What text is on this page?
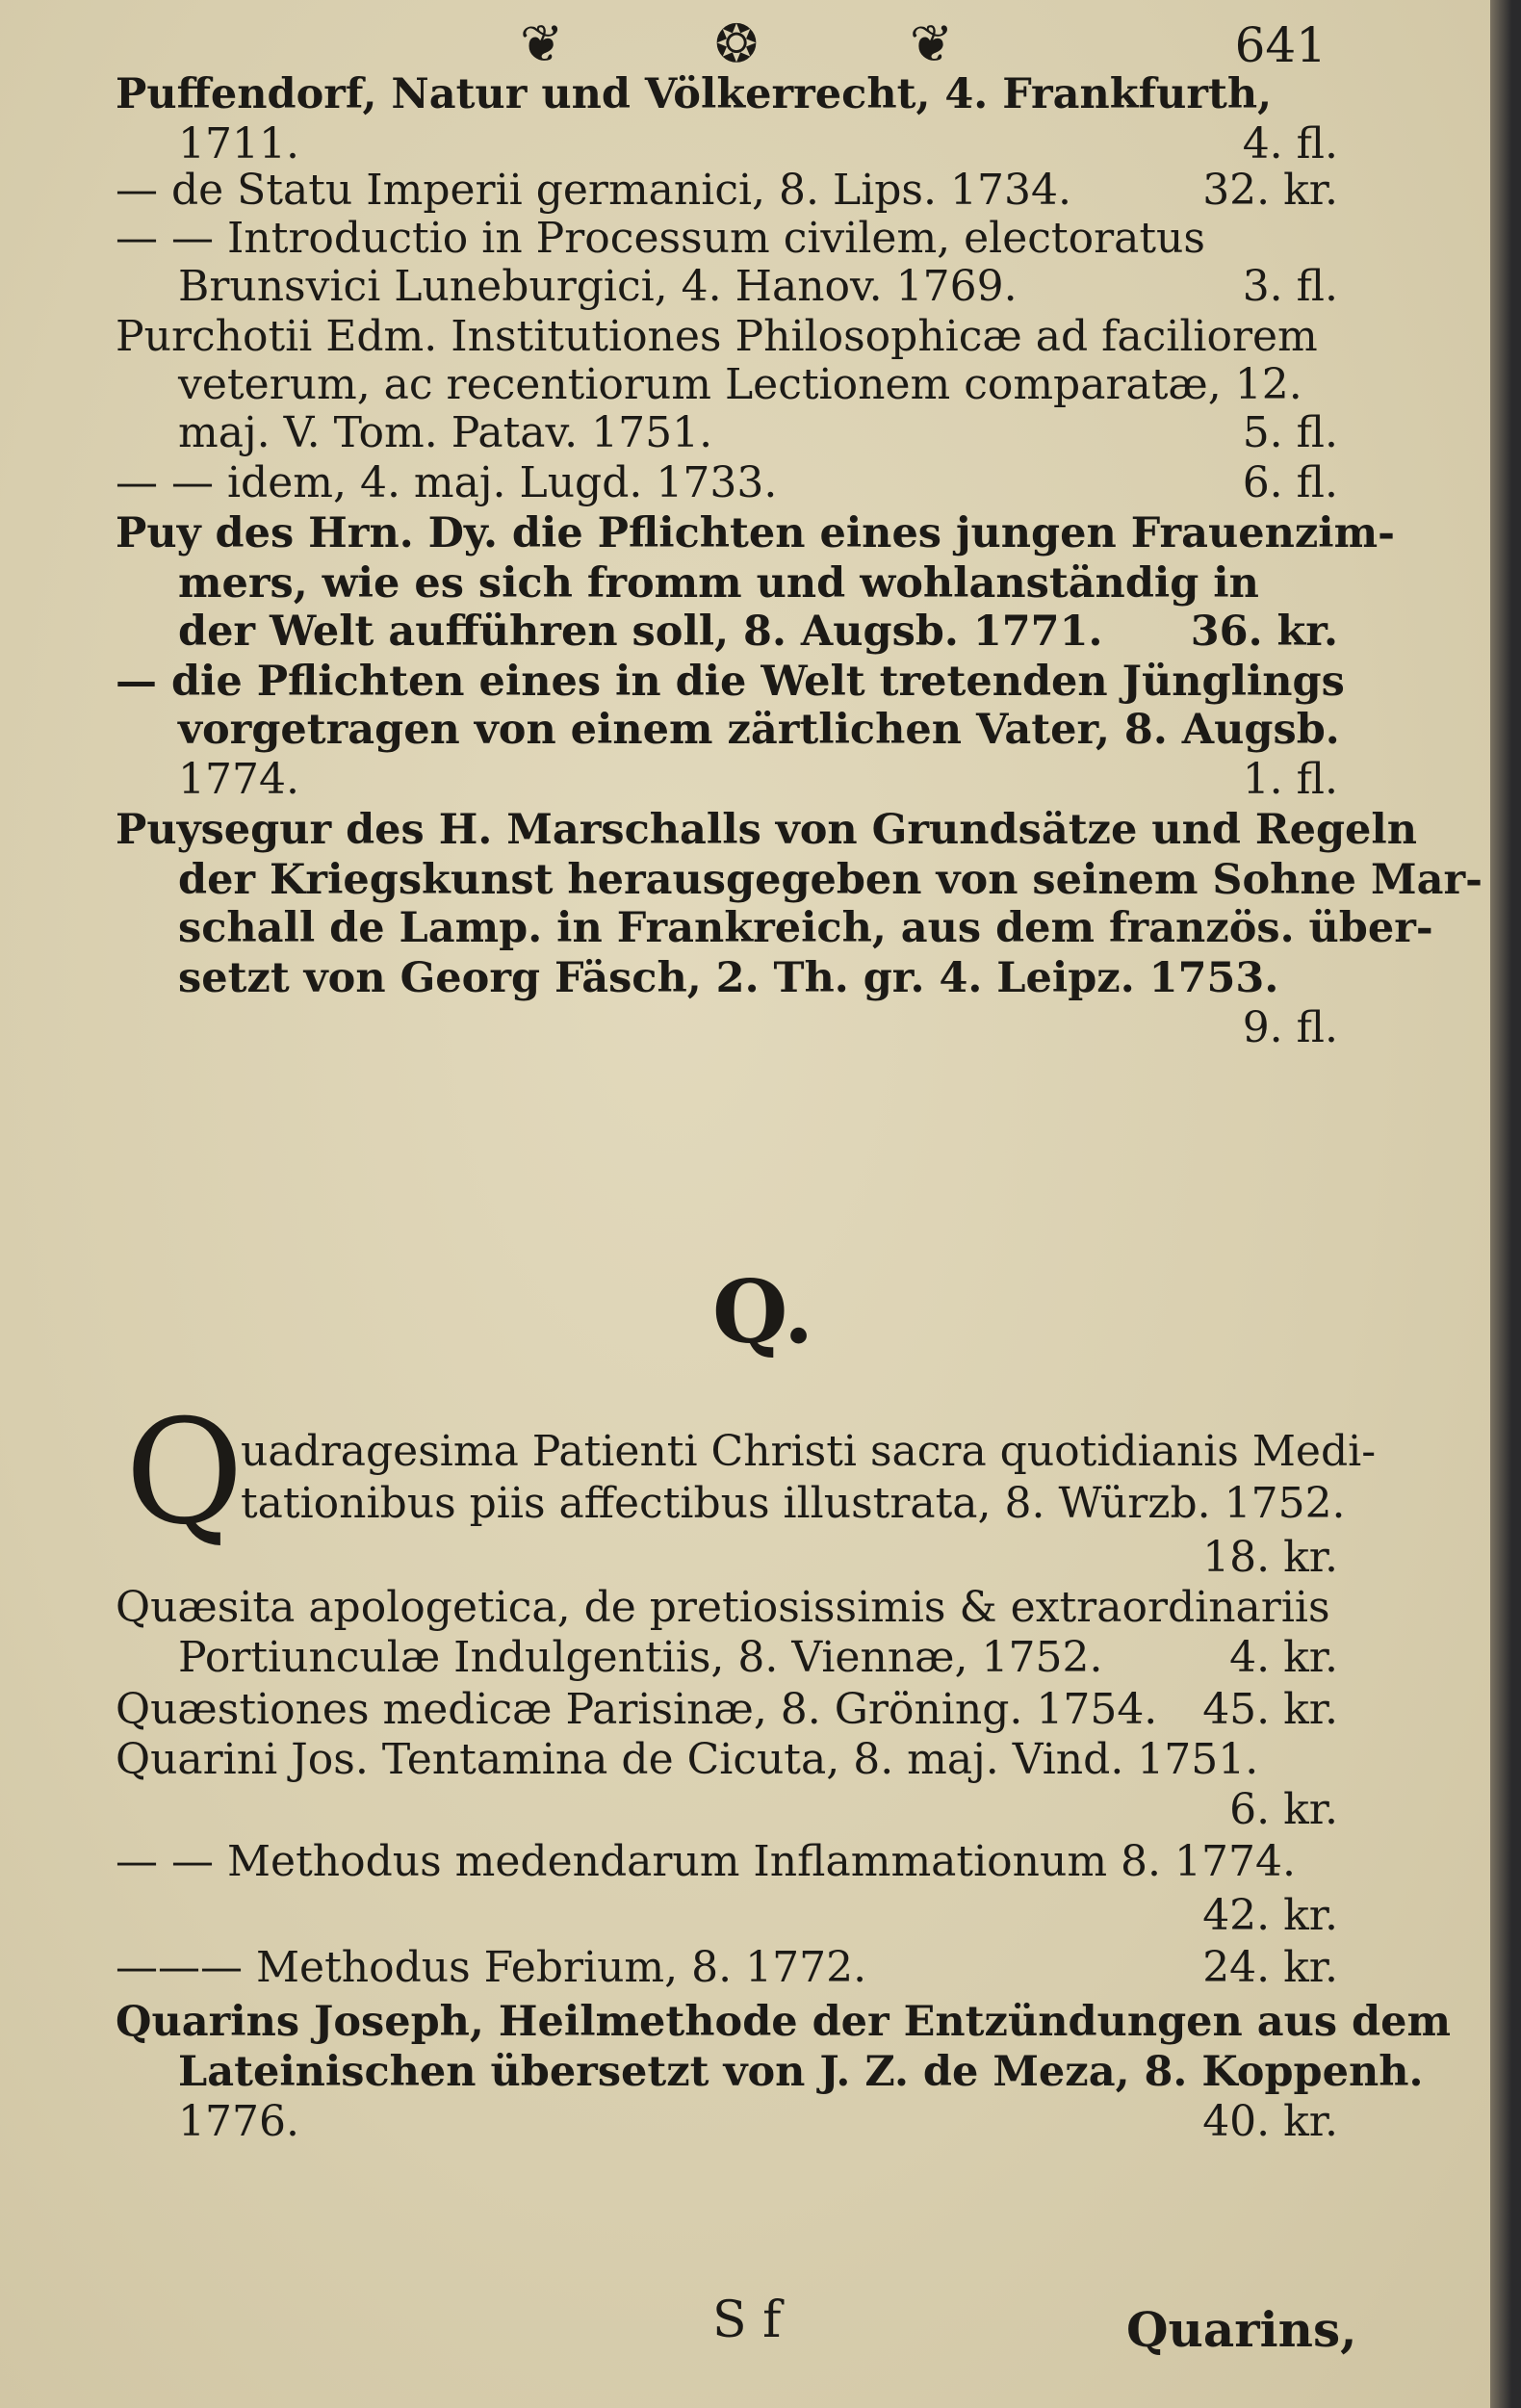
❦ ❂ ❦	641
Puffendorf, Natur und Völkerrecht, 4. Frankfurth,
1711.	4. fl.
— de Statu Imperii germanici, 8. Lips. 1734.	32. kr.
— — Introductio in Processum civilem, electoratus
Brunsvici Luneburgici, 4. Hanov. 1769.	3. fl.
Purchotii Edm. Institutiones Philosophicæ ad faciliorem
veterum, ac recentiorum Lectionem comparatæ, 12.
maj. V. Tom. Patav. 1751.	5. fl.
— — idem, 4. maj. Lugd. 1733.	6. fl.
Puy des Hrn. Dy. die Pflichten eines jungen Frauenzim-
mers, wie es sich fromm und wohlanständig in
der Welt aufführen soll, 8. Augsb. 1771. 36. kr.
— die Pflichten eines in die Welt tretenden Jünglings
vorgetragen von einem zärtlichen Vater, 8. Augsb.
1774.	1. fl.
Puysegur des H. Marschalls von Grundsätze und Regeln
der Kriegskunst herausgegeben von seinem Sohne Mar-
schall de Lamp. in Frankreich, aus dem französ. über-
setzt von Georg Fäsch, 2. Th. gr. 4. Leipz. 1753.
9. fl.
uadragesima Patienti Christi sacra quotidianis Medi-
tationibus piis affectibus illustrata, 8. Würzb. 1752.
18. kr.
Quæsita apologetica, de pretiosissimis & extraordinariis
Portiunculæ Indulgentiis, 8. Viennæ, 1752.	4. kr.
Quæstiones medicæ Parisinæ, 8. Gröning. 1754. 45. kr.
Quarini Jos. Tentamina de Cicuta, 8. maj. Vind. 1751.
6. kr.
— — Methodus medendarum Inflammationum 8. 1774.
42. kr.
——— Methodus Febrium, 8. 1772.	24. kr.
Quarins Joseph, Heilmethode der Entzündungen aus dem
Lateinischen übersetzt von J. Z. de Meza, 8. Koppenh.
1776.	40. kr.
Q.
Q
S f	Quarins,
